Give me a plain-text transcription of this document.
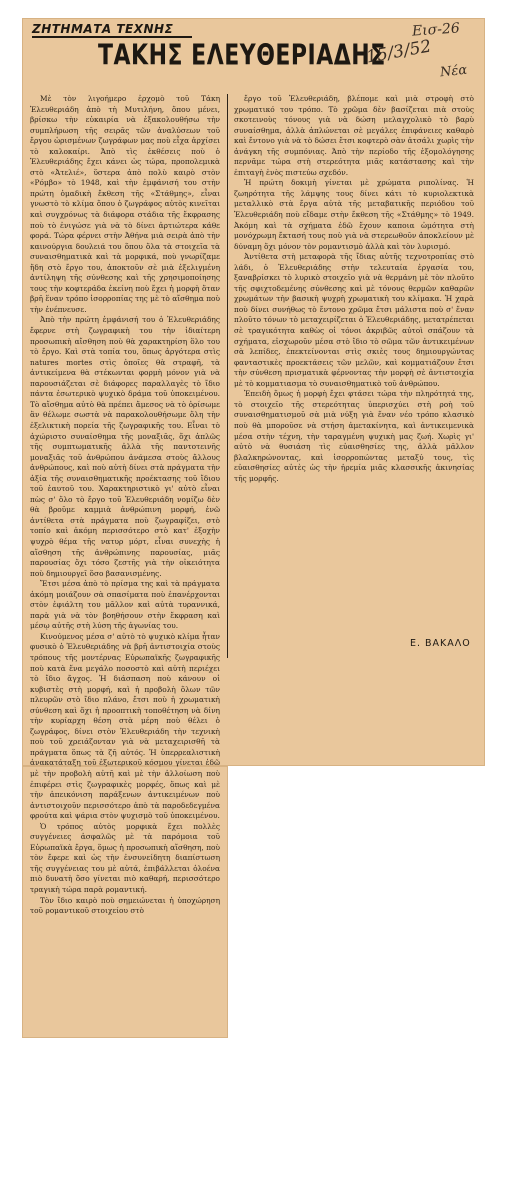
ΖΗΤΗΜΑΤΑ ΤΕΧΝΗΣ
ΤΑΚΗΣ ΕΛΕΥΘΕΡΙΑΔΗΣ
Εισ-26
15/3/52
Νέα

Μὲ τὸν λιγοήμερο ἐρχομὸ τοῦ Τάκη Ἐλευθεριάδη ἀπὸ τὴ Μυτιλήνη, ὅπου μένει, βρίσκω τὴν εὐκαιρία νὰ ἐξακολουθήσω τὴν συμπλήρωση τῆς σειρᾶς τῶν ἀναλύσεων τοῦ ἔργου ὡρισμένων ζωγράφων μας ποὺ εἶχα ἀρχίσει τὸ καλοκαίρι. Ἀπὸ τὶς ἐκθέσεις ποὺ ὁ Ἐλευθεριάδης ἔχει κάνει ὡς τώρα, προπολεμικὰ στὸ «Ἀτελιέ», ὕστερα ἀπὸ πολὺ καιρὸ στὸν «Ρόμβο» τὸ 1948, καὶ τὴν ἐμφάνισή του στὴν πρώτη ὁμαδικὴ ἔκθεση τῆς «Στάθμης», εἶναι γνωστὸ τὸ κλίμα ὅπου ὁ ζωγράφος αὐτὸς κινεῖται καὶ συγχρόνως τὰ διάφορα στάδια τῆς ἔκφρασης ποὺ τὸ ἐνιγώσε γιὰ νὰ τὸ δίνει ἀρτιώτερα κάθε φορά. Τώρα φέρνει στὴν Ἀθήνα μιὰ σειρὰ ἀπὸ τὴν καινούργια δουλειά του ὅπου ὅλα τὰ στοιχεῖα τὰ συναισθηματικὰ καὶ τὰ μορφικά, ποὺ γνωρίζαμε ἤδη στὸ ἔργο του, ἀποκτοῦν σὲ μιὰ ἐξελιγμένη ἀντίληψη τῆς σύνθεσης καὶ τῆς χρησιμοποίησης τους τὴν κοφτεράδα ἐκείνη ποὺ ἔχει ἡ μορφὴ ὅταν βρῆ ἕναν τρόπο ἰσορροπίας της μὲ τὸ αἴσθημα ποὺ τὴν ἐνέπνευσε.

Ἀπὸ τὴν πρώτη ἐμφάνισή του ὁ Ἐλευθεριάδης ἔφερνε στὴ ζωγραφικὴ του τὴν ἰδιαίτερη προσωπικὴ αἴσθηση ποὺ θὰ χαρακτηρίση ὅλο του τὸ ἔργο. Καὶ στὰ τοπία του, ὅπως ἀργότερα στὶς natures mortes στὶς ὁποῖες θὰ στραφῆ, τὰ ἀντικείμενα θὰ στέκωνται φορμὴ μόνον γιὰ νὰ παρουσιάζεται σὲ διάφορες παραλλαγὲς τὸ ἴδιο πάντα ἐσωτερικὸ ψυχικὸ δράμα τοῦ ὑποκειμένου. Τὸ αἴσθημα αὐτὸ θὰ πρέπει ἄμεσος νὰ τὸ ὁρίσωμε ἂν θέλωμε σωστὰ νὰ παρακολουθήσωμε ὅλη τὴν ἐξελικτικὴ πορεία τῆς ζωγραφικῆς του. Εἶναι τὸ ἀχώριστο συναίσθημα τῆς μοναξιᾶς, ὄχι ἁπλῶς τῆς συμπτωματικῆς ἀλλὰ τῆς παντοτεινῆς μοναξιᾶς τοῦ ἀνθρώπου ἀνάμεσα στοὺς ἄλλους ἀνθρώπους, καὶ ποὺ αὐτὴ δίνει στὰ πράγματα τὴν ἀξία τῆς συναισθηματικῆς προέκτασης τοῦ ἴδιου τοῦ ἑαυτοῦ του. Χαρακτηριστικὸ γι' αὐτὸ εἶναι πὼς σ' ὅλο τὸ ἔργο τοῦ Ἐλευθεριάδη νομίζω δὲν θὰ βροῦμε καμμιὰ ἀνθρώπινη μορφή, ἐνῶ ἀντίθετα στὰ πράγματα ποὺ ζωγραφίζει, στὸ τοπίο καὶ ἀκόμη περισσότερο στὸ κατ' ἐξοχὴν ψυχρὸ θέμα τῆς νατυρ μόρτ, εἶναι συνεχὴς ἡ αἴσθηση τῆς ἀνθρώπινης παρουσίας, μιᾶς παρουσίας ὄχι τόσο ζεστῆς γιὰ τὴν οἰκειότητα ποὺ δημιουργεῖ ὅσο βασανισμένης.

Ἔτσι μέσα ἀπὸ τὸ πρίσμα της καὶ τὰ πράγματα ἀκόμη μοιάζουν σὰ σπασίματα ποὺ ἐπανέρχονται στὸν ἐφιάλτη του μᾶλλον καὶ αὐτὰ τυραννικά, παρὰ γιὰ νὰ τὸν βοηθήσουν στὴν ἔκφραση καὶ μέσῳ αὐτῆς στὴ λύση τῆς ἀγωνίας του.

Κινούμενος μέσα σ' αὐτὸ τὸ ψυχικὸ κλίμα ἦταν φυσικὸ ὁ Ἐλευθεριάδης νὰ βρῆ ἀντιστοιχία στοὺς τρόπους τῆς μοντέρνας Εὐρωπαϊκῆς ζωγραφικῆς ποὺ κατὰ ἕνα μεγάλο ποσοστὸ καὶ αὐτὴ περιέχει τὸ ἴδιο ἄγχος. Ἡ διάσπαση ποὺ κάνουν οἱ κυβιστὲς στὴ μορφή, καὶ ἡ προβολὴ ὅλων τῶν πλευρῶν στὸ ἴδιο πλάνο, ἔτσι ποὺ ἡ χρωματικὴ σύνθεση καὶ ὄχι ἡ προοπτικὴ τοποθέτηση νὰ δίνη τὴν κυρίαρχη θέση στὰ μέρη ποὺ θέλει ὁ ζωγράφος, δίνει στὸν Ἐλευθεριάδη τὴν τεχνικὴ ποὺ τοῦ χρειάζονταν γιὰ νὰ μεταχειρισθῆ τὰ πράγματα ὅπως τὰ ζῆ αὐτός. Ἡ ὑπερρεαλιστικὴ ἀνακατάταξη τοῦ ἐξωτερικοῦ κόσμου γίνεται ἐδῶ μὲ τὴν προβολὴ αὐτῆ καὶ μὲ τὴν ἀλλοίωση ποὺ ἐπιφέρει στὶς ζωγραφικὲς μορφές, ὅπως καὶ μὲ τὴν ἀπεικόνιση παράξενων ἀντικειμένων ποὺ ἀντιστοιχοῦν περισσότερο ἀπὸ τὰ παροδεδεγμένα φρούτα καὶ ψάρια στὸν ψυχισμὸ τοῦ ὑποκειμένου.

Ὁ τρόπος αὐτὸς μορφικὰ ἔχει πολλὲς συγγένειες ἀσφαλῶς μὲ τὰ παρόμοια τοῦ Εὐρωπαϊκὰ ἔργα, ὅμως ἡ προσωπικὴ αἴσθηση, ποὺ τὸν ἔφερε καὶ ὡς τὴν ἐνσυνείδητη διαπίστωση τῆς συγγένειας του μὲ αὐτά, ἐπιβάλλεται ὁλοένα πιὸ δυνατὴ ὅσο γίνεται πιὸ καθαρή, περισσότερο τραγικὴ τώρα παρὰ ρομαντική.

Τὸν ἴδιο καιρὸ ποὺ σημειώνεται ἡ ὑποχώρηση τοῦ ρομαντικοῦ στοιχείου στὸ

ἔργο τοῦ Ἐλευθεριάδη, βλέπομε καὶ μιὰ στροφὴ στὸ χρωματικό του τρόπο. Τὸ χρῶμα δὲν βασίζεται πιὰ στοὺς σκοτεινοὺς τόνους γιὰ νὰ δώση μελαγχολικὸ τὸ βαρὺ συναίσθημα, ἀλλὰ ἁπλώνεται σὲ μεγάλες ἐπιφάνειες καθαρὸ καὶ ἔντονο γιὰ νὰ τὸ δώσει ἔτσι κοφτερὸ σὰν ἀτσάλι χωρὶς τὴν ἀνάγκη τῆς συμπόνιας. Ἀπὸ τὴν περίοδο τῆς ἐξομολόγησης περνᾶμε τώρα στὴ στερεότητα μιᾶς κατάστασης καὶ τὴν ἐπιταγὴ ἑνὸς πιστεύω σχεδόν.

Ἡ πρώτη δοκιμὴ γίνεται μὲ χρώματα ριπολίνας. Ἡ ζωηρότητα τῆς λάμψης τους δίνει κάτι τὸ κυριολεκτικὰ μεταλλικὸ στὰ ἔργα αὐτὰ τῆς μεταβατικῆς περιόδου τοῦ Ἐλευθεριάδη ποὺ εἴδαμε στὴν ἔκθεση τῆς «Στάθμης» τὸ 1949. Ἀκόμη καὶ τὰ σχήματα ἐδῶ ἔχουν καποια ὠμότητα στὴ μονόχρωμη ἔκτασή τους ποὺ γιὰ νὰ στερεωθοῦν ἀποκλείουν μὲ δύναμη ὄχι μόνον τὸν ρομαντισμὸ ἀλλὰ καὶ τὸν λυρισμό.

Ἀντίθετα στὴ μεταφορὰ τῆς ἴδιας αὐτῆς τεχνοτροπίας στὸ λάδι, ὁ Ἐλευθεριάδης στὴν τελευταία ἐργασία του, ξαναβρίσκει τὸ λυρικὸ στοιχεῖο γιὰ νὰ θερμάνη μὲ τὸν πλοῦτο τῆς σφιχτοδεμένης σύνθεσης καὶ μὲ τόνους θερμῶν καθαρῶν χρωμάτων τὴν βασικὴ ψυχρὴ χρωματικὴ του κλίμακα. Ἡ χαρὰ ποὺ δίνει συνήθως τὸ ἔντονο χρῶμα ἔτσι μάλιστα ποὺ σ' ἕναν πλοῦτο τόνων τὸ μεταχειρίζεται ὁ Ἐλευθεριάδης, μετατρέπεται σὲ τραγικότητα καθὼς οἱ τόνοι ἀκριβῶς αὐτοὶ σπάζουν τὰ σχήματα, εἰσχωροῦν μέσα στὸ ἴδιο τὸ σῶμα τῶν ἀντικειμένων σὰ λεπίδες, ἐπεκτείνονται στὶς σκιὲς τους δημιουργώντας φανταστικὲς προεκτάσεις τῶν μελῶν, καὶ κομματιάζουν ἔτσι τὴν σύνθεση πρισματικὰ φέρνοντας τὴν μορφὴ σὲ ἀντιστοιχία μὲ τὸ κομματιασμα τὸ συναισθηματικὸ τοῦ ἀνθρώπου.

Ἐπειδὴ ὅμως ἡ μορφὴ ἔχει φτάσει τώρα τὴν πληρότητά της, τὸ στοιχεῖο τῆς στερεότητας ὑπερισχύει στὴ ροὴ τοῦ συναισθηματισμοῦ σὰ μιὰ νύξη γιὰ ἕναν νέο τρόπο κλασικὸ ποὺ θὰ μποροῦσε νὰ στήση ἀμετακίνητα, καὶ ἀντικειμενικὰ μέσα στὴν τέχνη, τὴν ταραγμένη ψυχικὴ μας ζωή. Χωρὶς γι' αὐτὸ νὰ θυσιάση τὶς εὐαισθησίες της, ἀλλὰ μᾶλλον βλαλκηρώνοντας, καὶ ἰσορροπώντας μεταξύ τους, τὶς εὐαισθησίες αὐτὲς ὡς τὴν ἠρεμία μιᾶς κλασσικῆς ἀκινησίας τῆς μορφῆς.

Ε. ΒΑΚΑΛΟ
